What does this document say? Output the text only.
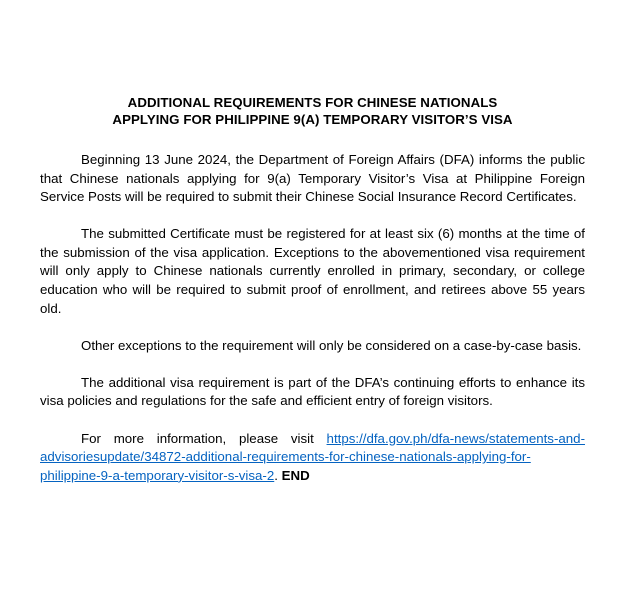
ADDITIONAL REQUIREMENTS FOR CHINESE NATIONALS
APPLYING FOR PHILIPPINE 9(A) TEMPORARY VISITOR’S VISA

Beginning 13 June 2024, the Department of Foreign Affairs (DFA) informs the public that Chinese nationals applying for 9(a) Temporary Visitor’s Visa at Philippine Foreign Service Posts will be required to submit their Chinese Social Insurance Record Certificates.

The submitted Certificate must be registered for at least six (6) months at the time of the submission of the visa application. Exceptions to the abovementioned visa requirement will only apply to Chinese nationals currently enrolled in primary, secondary, or college education who will be required to submit proof of enrollment, and retirees above 55 years old.

Other exceptions to the requirement will only be considered on a case-by-case basis.

The additional visa requirement is part of the DFA’s continuing efforts to enhance its visa policies and regulations for the safe and efficient entry of foreign visitors.

For more information, please visit https://dfa.gov.ph/dfa-news/statements-and-advisoriesupdate/34872-additional-requirements-for-chinese-nationals-applying-for-philippine-9-a-temporary-visitor-s-visa-2. END
